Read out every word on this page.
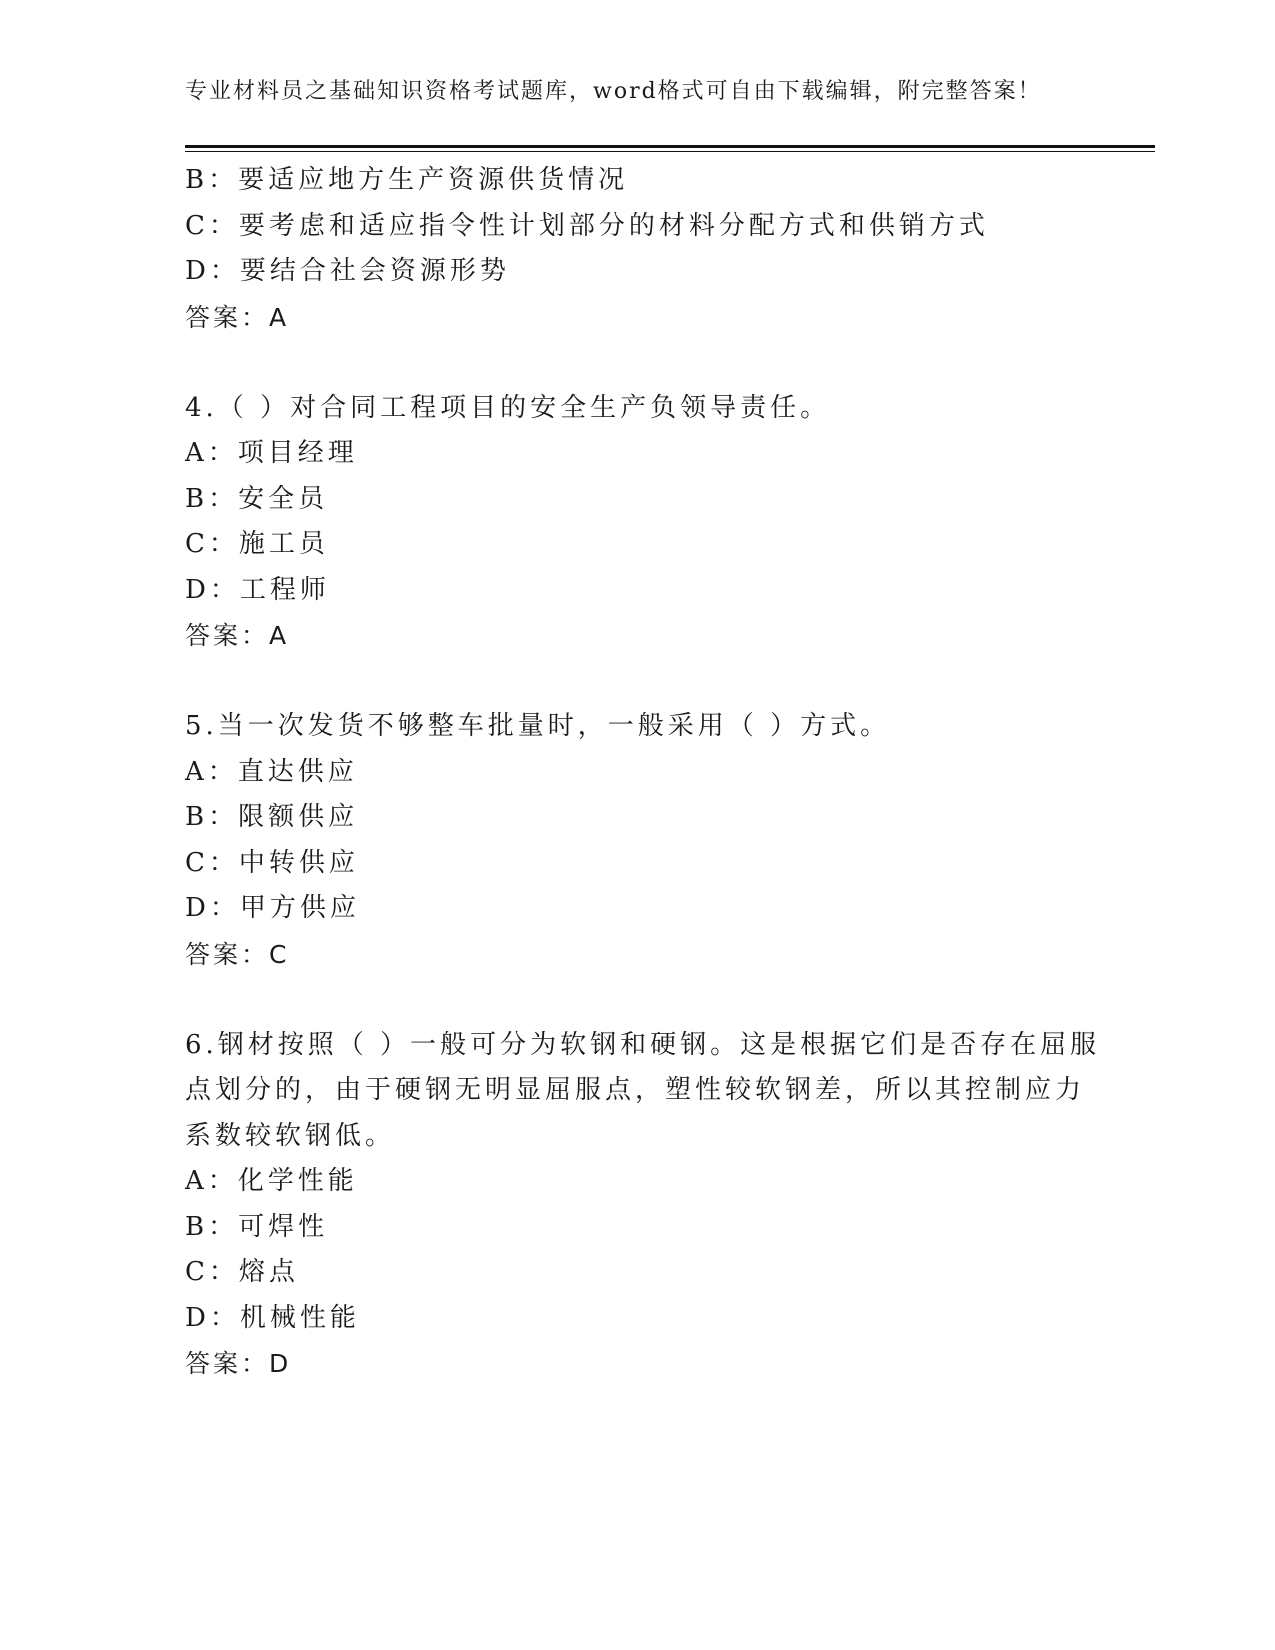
专业材料员之基础知识资格考试题库，word格式可自由下载编辑，附完整答案！
B：要适应地方生产资源供货情况
C：要考虑和适应指令性计划部分的材料分配方式和供销方式
D：要结合社会资源形势
答案：A
4.（ ）对合同工程项目的安全生产负领导责任。
A：项目经理
B：安全员
C：施工员
D：工程师
答案：A
5.当一次发货不够整车批量时，一般采用（ ）方式。
A：直达供应
B：限额供应
C：中转供应
D：甲方供应
答案：C
6.钢材按照（ ）一般可分为软钢和硬钢。这是根据它们是否存在屈服
点划分的，由于硬钢无明显屈服点，塑性较软钢差，所以其控制应力
系数较软钢低。
A：化学性能
B：可焊性
C：熔点
D：机械性能
答案：D
